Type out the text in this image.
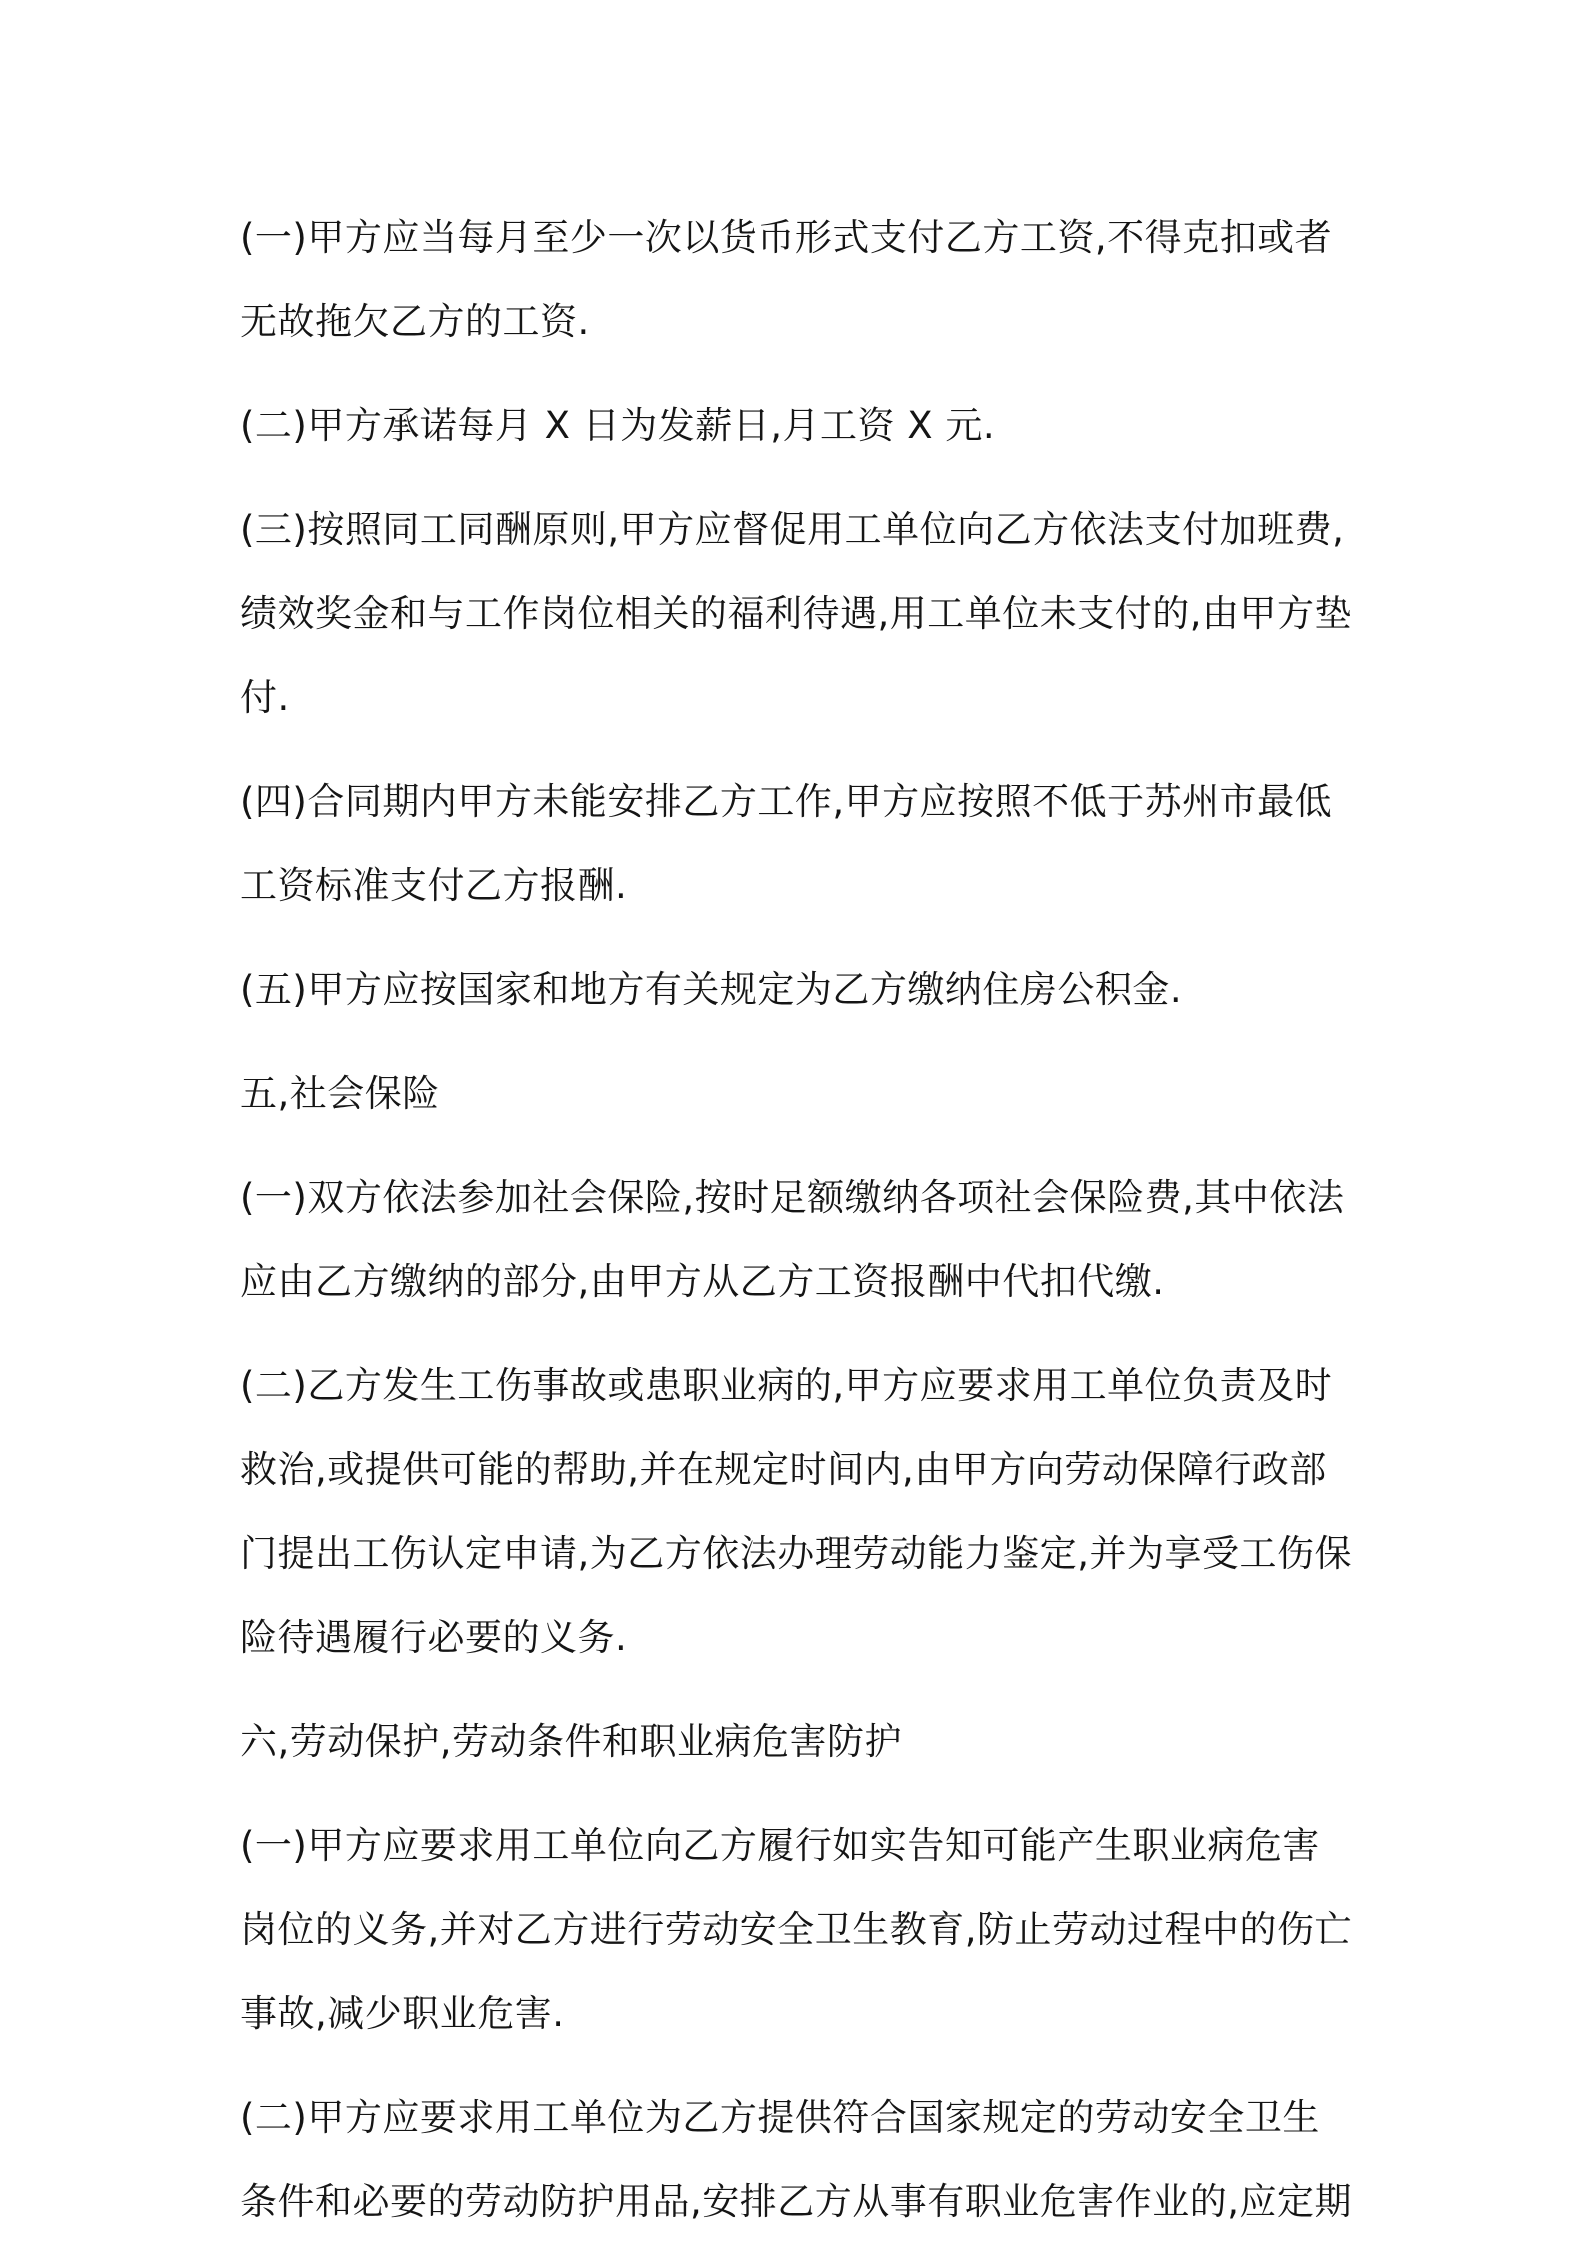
(一)甲方应当每月至少一次以货币形式支付乙方工资,不得克扣或者
无故拖欠乙方的工资.
(二)甲方承诺每月 X 日为发薪日,月工资 X 元.
(三)按照同工同酬原则,甲方应督促用工单位向乙方依法支付加班费,
绩效奖金和与工作岗位相关的福利待遇,用工单位未支付的,由甲方垫
付.
(四)合同期内甲方未能安排乙方工作,甲方应按照不低于苏州市最低
工资标准支付乙方报酬.
(五)甲方应按国家和地方有关规定为乙方缴纳住房公积金.
五,社会保险
(一)双方依法参加社会保险,按时足额缴纳各项社会保险费,其中依法
应由乙方缴纳的部分,由甲方从乙方工资报酬中代扣代缴.
(二)乙方发生工伤事故或患职业病的,甲方应要求用工单位负责及时
救治,或提供可能的帮助,并在规定时间内,由甲方向劳动保障行政部
门提出工伤认定申请,为乙方依法办理劳动能力鉴定,并为享受工伤保
险待遇履行必要的义务.
六,劳动保护,劳动条件和职业病危害防护
(一)甲方应要求用工单位向乙方履行如实告知可能产生职业病危害
岗位的义务,并对乙方进行劳动安全卫生教育,防止劳动过程中的伤亡
事故,减少职业危害.
(二)甲方应要求用工单位为乙方提供符合国家规定的劳动安全卫生
条件和必要的劳动防护用品,安排乙方从事有职业危害作业的,应定期
